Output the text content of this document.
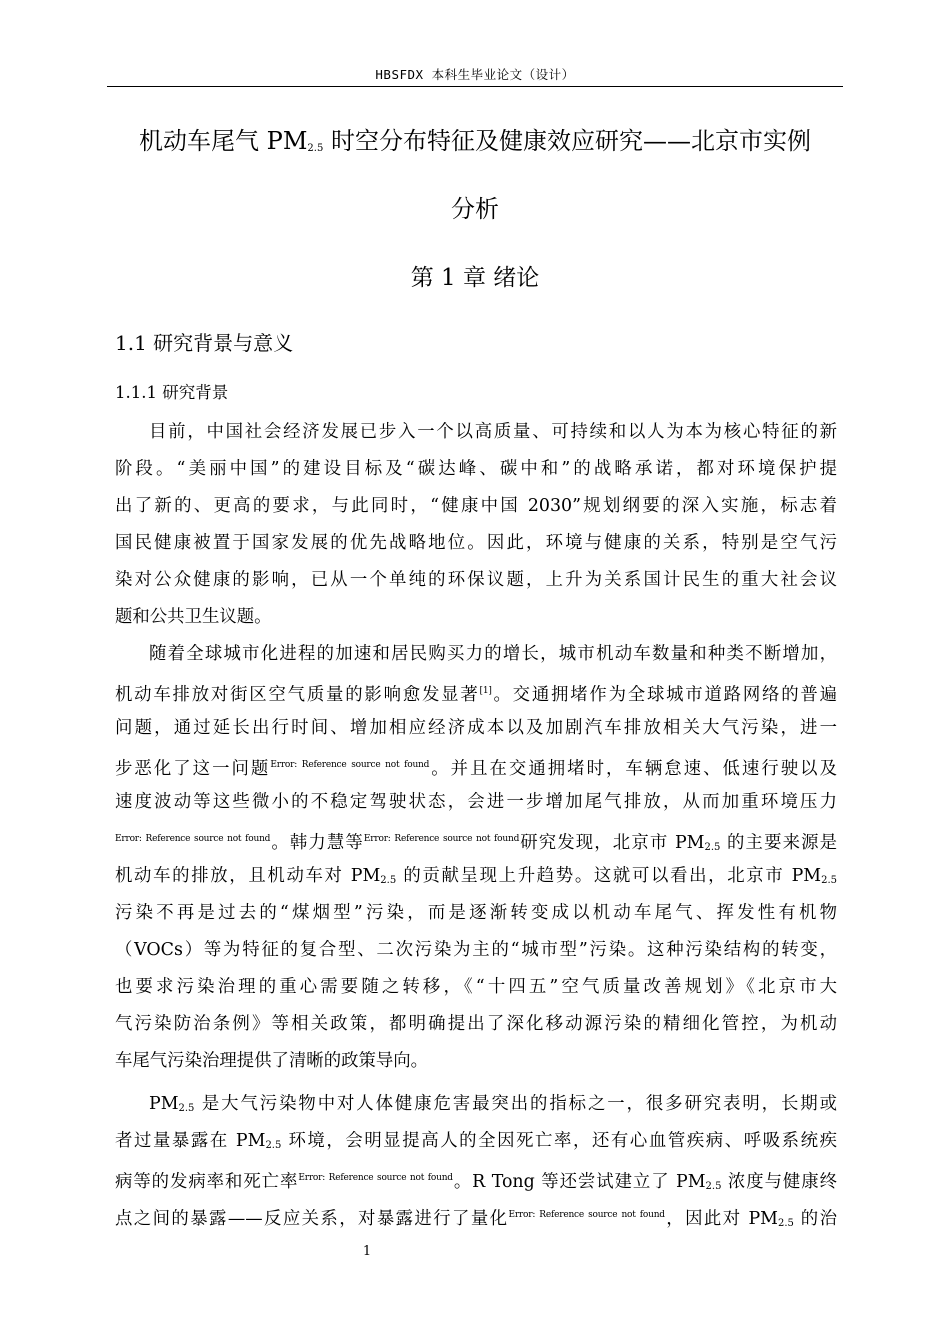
HBSFDX 本科生毕业论文（设计）
机动车尾气 $PM_{2.5}$ 时空分布特征及健康效应研究——北京市实例
分析
第 1 章 绪论
1.1 研究背景与意义
1.1.1 研究背景
目前，中国社会经济发展已步入一个以高质量、可持续和以人为本为核心特征的新
阶段。“美丽中国”的建设目标及“碳达峰、碳中和”的战略承诺，都对环境保护提
出了新的、更高的要求，与此同时，“健康中国 2030”规划纲要的深入实施，标志着
国民健康被置于国家发展的优先战略地位。因此，环境与健康的关系，特别是空气污
染对公众健康的影响，已从一个单纯的环保议题，上升为关系国计民生的重大社会议
题和公共卫生议题。
随着全球城市化进程的加速和居民购买力的增长，城市机动车数量和种类不断增加，
机动车排放对街区空气质量的影响愈发显著[1]。交通拥堵作为全球城市道路网络的普遍
问题，通过延长出行时间、增加相应经济成本以及加剧汽车排放相关大气污染，进一
步恶化了这一问题$^{Error: Reference source not found}$。并且在交通拥堵时，车辆怠速、低速行驶以及
速度波动等这些微小的不稳定驾驶状态，会进一步增加尾气排放，从而加重环境压力
$^{Error: Reference source not found}$。韩力慧等$^{Error: Reference source not found}$研究发现，北京市 $PM_{2.5}$ 的主要来源是
机动车的排放，且机动车对 $PM_{2.5}$ 的贡献呈现上升趋势。这就可以看出，北京市 $PM_{2.5}$
污染不再是过去的“煤烟型”污染，而是逐渐转变成以机动车尾气、挥发性有机物
（VOCs）等为特征的复合型、二次污染为主的“城市型”污染。这种污染结构的转变，
也要求污染治理的重心需要随之转移，《“十四五”空气质量改善规划》《北京市大
气污染防治条例》等相关政策，都明确提出了深化移动源污染的精细化管控，为机动
车尾气污染治理提供了清晰的政策导向。
$PM_{2.5}$ 是大气污染物中对人体健康危害最突出的指标之一，很多研究表明，长期或
者过量暴露在 $PM_{2.5}$ 环境，会明显提高人的全因死亡率，还有心血管疾病、呼吸系统疾
病等的发病率和死亡率$^{Error: Reference source not found}$。R Tong 等还尝试建立了 $PM_{2.5}$ 浓度与健康终
点之间的暴露——反应关系，对暴露进行了量化$^{Error: Reference source not found}$，因此对 $PM_{2.5}$ 的治
1
